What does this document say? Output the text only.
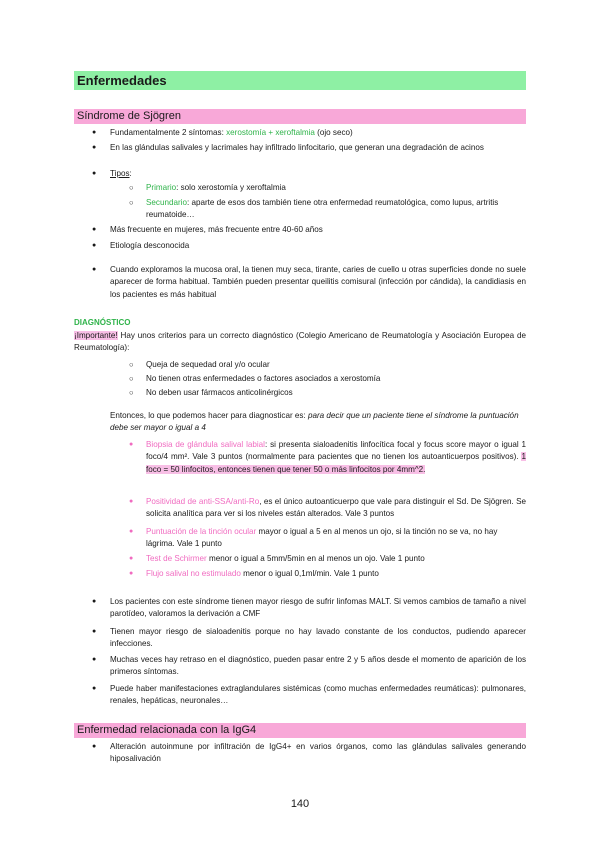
Enfermedades
Síndrome de Sjögren
● Fundamentalmente 2 síntomas: xerostomía + xeroftalmia (ojo seco)
● En las glándulas salivales y lacrimales hay infiltrado linfocitario, que generan una degradación de acinos
● Tipos:
○ Primario: solo xerostomía y xeroftalmia
○ Secundario: aparte de esos dos también tiene otra enfermedad reumatológica, como lupus, artritis reumatoide…
● Más frecuente en mujeres, más frecuente entre 40-60 años
● Etiología desconocida
● Cuando exploramos la mucosa oral, la tienen muy seca, tirante, caries de cuello u otras superficies donde no suele aparecer de forma habitual. También pueden presentar queilitis comisural (infección por cándida), la candidiasis en los pacientes es más habitual
DIAGNÓSTICO
¡Importante! Hay unos criterios para un correcto diagnóstico (Colegio Americano de Reumatología y Asociación Europea de Reumatología):
○ Queja de sequedad oral y/o ocular
○ No tienen otras enfermedades o factores asociados a xerostomía
○ No deben usar fármacos anticolinérgicos
Entonces, lo que podemos hacer para diagnosticar es: para decir que un paciente tiene el síndrome la puntuación debe ser mayor o igual a 4
● Biopsia de glándula salival labial: si presenta sialoadenitis linfocítica focal y focus score mayor o igual 1 foco/4 mm². Vale 3 puntos (normalmente para pacientes que no tienen los autoanticuerpos positivos). 1 foco = 50 linfocitos, entonces tienen que tener 50 o más linfocitos por 4mm^2.
● Positividad de anti-SSA/anti-Ro, es el único autoanticuerpo que vale para distinguir el Sd. De Sjögren. Se solicita analítica para ver si los niveles están alterados. Vale 3 puntos
● Puntuación de la tinción ocular mayor o igual a 5 en al menos un ojo, si la tinción no se va, no hay lágrima. Vale 1 punto
● Test de Schirmer menor o igual a 5mm/5min en al menos un ojo. Vale 1 punto
● Flujo salival no estimulado menor o igual 0,1ml/min. Vale 1 punto
● Los pacientes con este síndrome tienen mayor riesgo de sufrir linfomas MALT. Si vemos cambios de tamaño a nivel parotídeo, valoramos la derivación a CMF
● Tienen mayor riesgo de sialoadenitis porque no hay lavado constante de los conductos, pudiendo aparecer infecciones.
● Muchas veces hay retraso en el diagnóstico, pueden pasar entre 2 y 5 años desde el momento de aparición de los primeros síntomas.
● Puede haber manifestaciones extraglandulares sistémicas (como muchas enfermedades reumáticas): pulmonares, renales, hepáticas, neuronales…
Enfermedad relacionada con la IgG4
● Alteración autoinmune por infiltración de IgG4+ en varios órganos, como las glándulas salivales generando hiposalivación
140
